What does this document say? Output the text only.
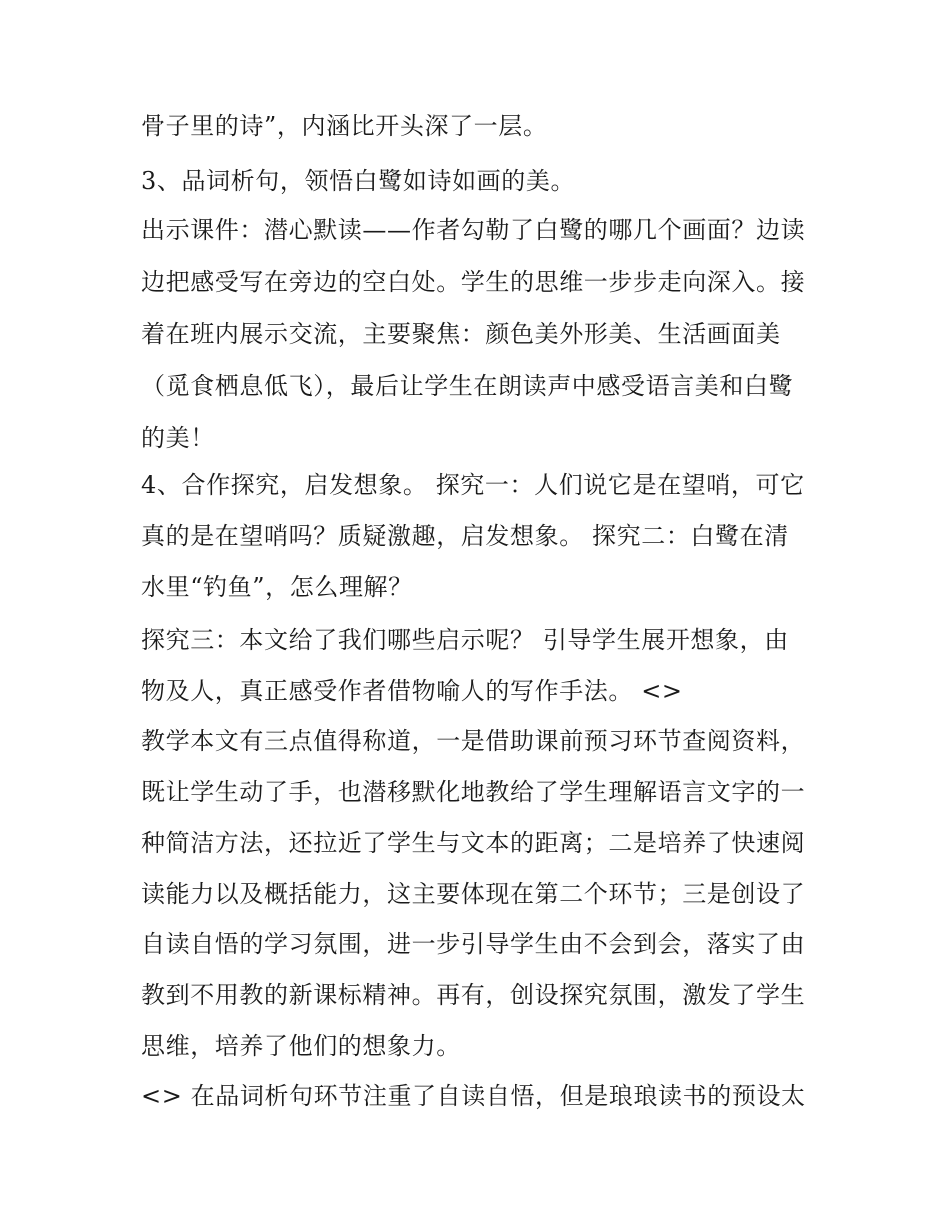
骨子里的诗”，内涵比开头深了一层。
3、品词析句，领悟白鹭如诗如画的美。
出示课件：潜心默读——作者勾勒了白鹭的哪几个画面？边读
边把感受写在旁边的空白处。学生的思维一步步走向深入。接
着在班内展示交流，主要聚焦：颜色美外形美、生活画面美
（觅食栖息低飞），最后让学生在朗读声中感受语言美和白鹭
的美！
4、合作探究，启发想象。 探究一：人们说它是在望哨，可它
真的是在望哨吗？质疑激趣，启发想象。 探究二：白鹭在清
水里“钓鱼”，怎么理解？
探究三：本文给了我们哪些启示呢？ 引导学生展开想象，由
物及人，真正感受作者借物喻人的写作手法。 <>
教学本文有三点值得称道，一是借助课前预习环节查阅资料，
既让学生动了手，也潜移默化地教给了学生理解语言文字的一
种简洁方法，还拉近了学生与文本的距离；二是培养了快速阅
读能力以及概括能力，这主要体现在第二个环节；三是创设了
自读自悟的学习氛围，进一步引导学生由不会到会，落实了由
教到不用教的新课标精神。再有，创设探究氛围，激发了学生
思维，培养了他们的想象力。
<> 在品词析句环节注重了自读自悟，但是琅琅读书的预设太
